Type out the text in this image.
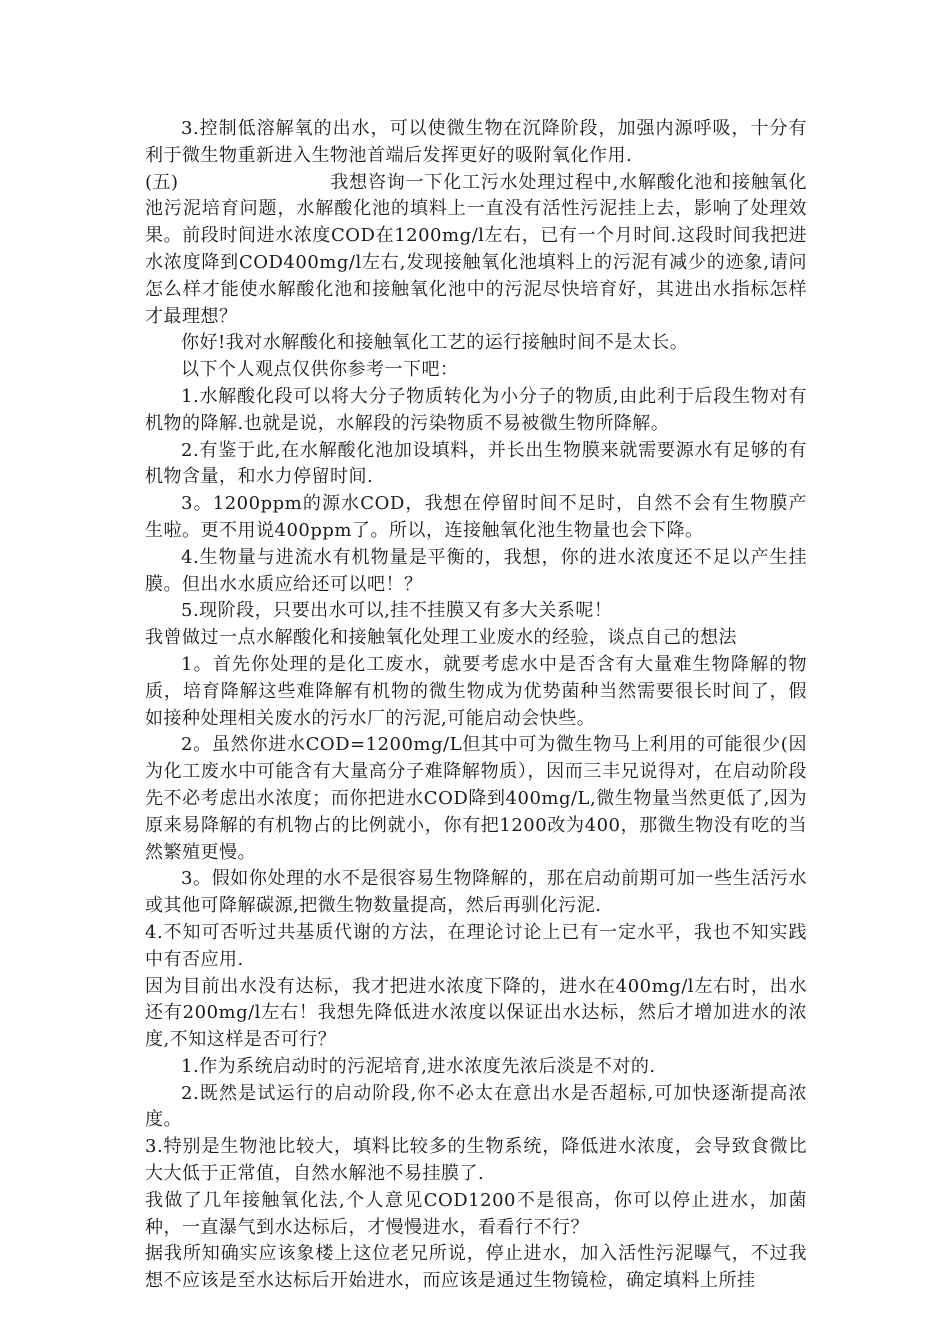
3.控制低溶解氧的出水，可以使微生物在沉降阶段，加强内源呼吸，十分有利于微生物重新进入生物池首端后发挥更好的吸附氧化作用.

(五)	我想咨询一下化工污水处理过程中,水解酸化池和接触氧化池污泥培育问题，水解酸化池的填料上一直没有活性污泥挂上去，影响了处理效果。前段时间进水浓度COD在1200mg/l左右，已有一个月时间.这段时间我把进水浓度降到COD400mg/l左右,发现接触氧化池填料上的污泥有减少的迹象,请问怎么样才能使水解酸化池和接触氧化池中的污泥尽快培育好，其进出水指标怎样才最理想？

你好!我对水解酸化和接触氧化工艺的运行接触时间不是太长。

以下个人观点仅供你参考一下吧：

1.水解酸化段可以将大分子物质转化为小分子的物质,由此利于后段生物对有机物的降解.也就是说，水解段的污染物质不易被微生物所降解。

2.有鉴于此,在水解酸化池加设填料，并长出生物膜来就需要源水有足够的有机物含量，和水力停留时间.

3。1200ppm的源水COD，我想在停留时间不足时，自然不会有生物膜产生啦。更不用说400ppm了。所以，连接触氧化池生物量也会下降。

4.生物量与进流水有机物量是平衡的，我想，你的进水浓度还不足以产生挂膜。但出水水质应给还可以吧！？

5.现阶段，只要出水可以,挂不挂膜又有多大关系呢！

我曾做过一点水解酸化和接触氧化处理工业废水的经验，谈点自己的想法

1。首先你处理的是化工废水，就要考虑水中是否含有大量难生物降解的物质，培育降解这些难降解有机物的微生物成为优势菌种当然需要很长时间了，假如接种处理相关废水的污水厂的污泥,可能启动会快些。

2。虽然你进水COD=1200mg/L但其中可为微生物马上利用的可能很少(因为化工废水中可能含有大量高分子难降解物质），因而三丰兄说得对，在启动阶段先不必考虑出水浓度；而你把进水COD降到400mg/L,微生物量当然更低了,因为原来易降解的有机物占的比例就小，你有把1200改为400，那微生物没有吃的当然繁殖更慢。

3。假如你处理的水不是很容易生物降解的，那在启动前期可加一些生活污水或其他可降解碳源,把微生物数量提高，然后再驯化污泥.

4.不知可否听过共基质代谢的方法，在理论讨论上已有一定水平，我也不知实践中有否应用.

因为目前出水没有达标，我才把进水浓度下降的，进水在400mg/l左右时，出水还有200mg/l左右！我想先降低进水浓度以保证出水达标，然后才增加进水的浓度,不知这样是否可行？

1.作为系统启动时的污泥培育,进水浓度先浓后淡是不对的.

2.既然是试运行的启动阶段,你不必太在意出水是否超标,可加快逐渐提高浓度。

3.特别是生物池比较大，填料比较多的生物系统，降低进水浓度，会导致食微比大大低于正常值，自然水解池不易挂膜了.

我做了几年接触氧化法,个人意见COD1200不是很高，你可以停止进水，加菌种，一直瀑气到水达标后，才慢慢进水，看看行不行？

据我所知确实应该象楼上这位老兄所说，停止进水，加入活性污泥曝气，不过我想不应该是至水达标后开始进水，而应该是通过生物镜检，确定填料上所挂
